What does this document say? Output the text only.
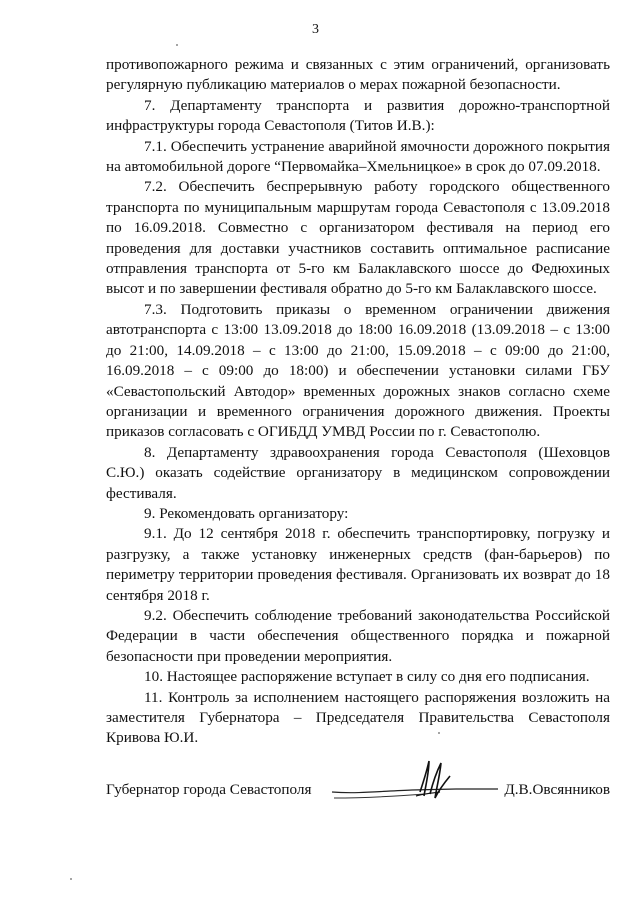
3

противопожарного режима и связанных с этим ограничений, организовать регулярную публикацию материалов о мерах пожарной безопасности.

7. Департаменту транспорта и развития дорожно-транспортной инфраструктуры города Севастополя (Титов И.В.):

7.1. Обеспечить устранение аварийной ямочности дорожного покрытия на автомобильной дороге “Первомайка–Хмельницкое» в срок до 07.09.2018.

7.2. Обеспечить беспрерывную работу городского общественного транспорта по муниципальным маршрутам города Севастополя с 13.09.2018 по 16.09.2018. Совместно с организатором фестиваля на период его проведения для доставки участников составить оптимальное расписание отправления транспорта от 5-го км Балаклавского шоссе до Федюхиных высот и по завершении фестиваля обратно до 5-го км Балаклавского шоссе.

7.3. Подготовить приказы о временном ограничении движения автотранспорта с 13:00 13.09.2018 до 18:00 16.09.2018 (13.09.2018 – с 13:00 до 21:00, 14.09.2018 – с 13:00 до 21:00, 15.09.2018 – с 09:00 до 21:00, 16.09.2018 – с 09:00 до 18:00) и обеспечении установки силами ГБУ «Севастопольский Автодор» временных дорожных знаков согласно схеме организации и временного ограничения дорожного движения. Проекты приказов согласовать с ОГИБДД УМВД России по г. Севастополю.

8. Департаменту здравоохранения города Севастополя (Шеховцов С.Ю.) оказать содействие организатору в медицинском сопровождении фестиваля.

9. Рекомендовать организатору:

9.1. До 12 сентября 2018 г. обеспечить транспортировку, погрузку и разгрузку, а также установку инженерных средств (фан-барьеров) по периметру территории проведения фестиваля. Организовать их возврат до 18 сентября 2018 г.

9.2. Обеспечить соблюдение требований законодательства Российской Федерации в части обеспечения общественного порядка и пожарной безопасности при проведении мероприятия.

10. Настоящее распоряжение вступает в силу со дня его подписания.

11. Контроль за исполнением настоящего распоряжения возложить на заместителя Губернатора – Председателя Правительства Севастополя Кривова Ю.И.

Губернатор города Севастополя	Д.В.Овсянников
